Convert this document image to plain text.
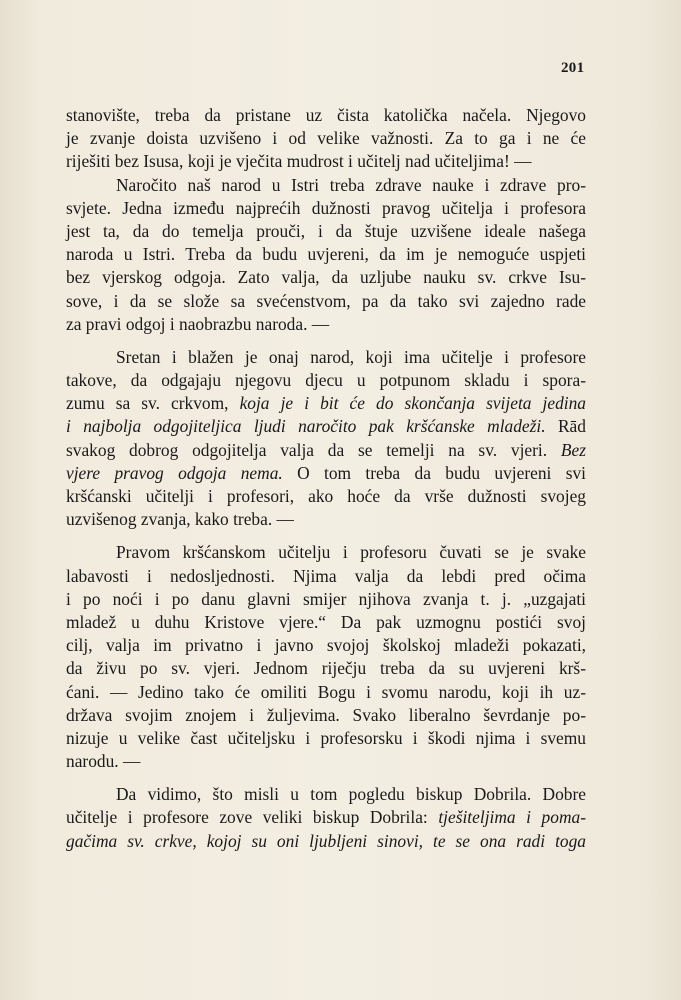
201
stanovište, treba da pristane uz čista katolička načela. Njegovo
je zvanje doista uzvišeno i od velike važnosti. Za to ga i ne će
riješiti bez Isusa, koji je vječita mudrost i učitelj nad učiteljima! —
Naročito naš narod u Istri treba zdrave nauke i zdrave pro-
svjete. Jedna između najprećih dužnosti pravog učitelja i profesora
jest ta, da do temelja prouči, i da štuje uzvišene ideale našega
naroda u Istri. Treba da budu uvjereni, da im je nemoguće uspjeti
bez vjerskog odgoja. Zato valja, da uzljube nauku sv. crkve Isu-
sove, i da se slože sa svećenstvom, pa da tako svi zajedno rade
za pravi odgoj i naobrazbu naroda. —
Sretan i blažen je onaj narod, koji ima učitelje i profesore
takove, da odgajaju njegovu djecu u potpunom skladu i spora-
zumu sa sv. crkvom, koja je i bit će do skončanja svijeta jedina
i najbolja odgojiteljica ljudi naročito pak kršćanske mladeži. Rād
svakog dobrog odgojitelja valja da se temelji na sv. vjeri. Bez
vjere pravog odgoja nema. O tom treba da budu uvjereni svi
kršćanski učitelji i profesori, ako hoće da vrše dužnosti svojeg
uzvišenog zvanja, kako treba. —
Pravom kršćanskom učitelju i profesoru čuvati se je svake
labavosti i nedosljednosti. Njima valja da lebdi pred očima
i po noći i po danu glavni smijer njihova zvanja t. j. „uzgajati
mladež u duhu Kristove vjere.“ Da pak uzmognu postići svoj
cilj, valja im privatno i javno svojoj školskoj mladeži pokazati,
da živu po sv. vjeri. Jednom riječju treba da su uvjereni krš-
ćani. — Jedino tako će omiliti Bogu i svomu narodu, koji ih uz-
država svojim znojem i žuljevima. Svako liberalno ševrdanje po-
nizuje u velike čast učiteljsku i profesorsku i škodi njima i svemu
narodu. —
Da vidimo, što misli u tom pogledu biskup Dobrila. Dobre
učitelje i profesore zove veliki biskup Dobrila: tješiteljima i poma-
gačima sv. crkve, kojoj su oni ljubljeni sinovi, te se ona radi toga
